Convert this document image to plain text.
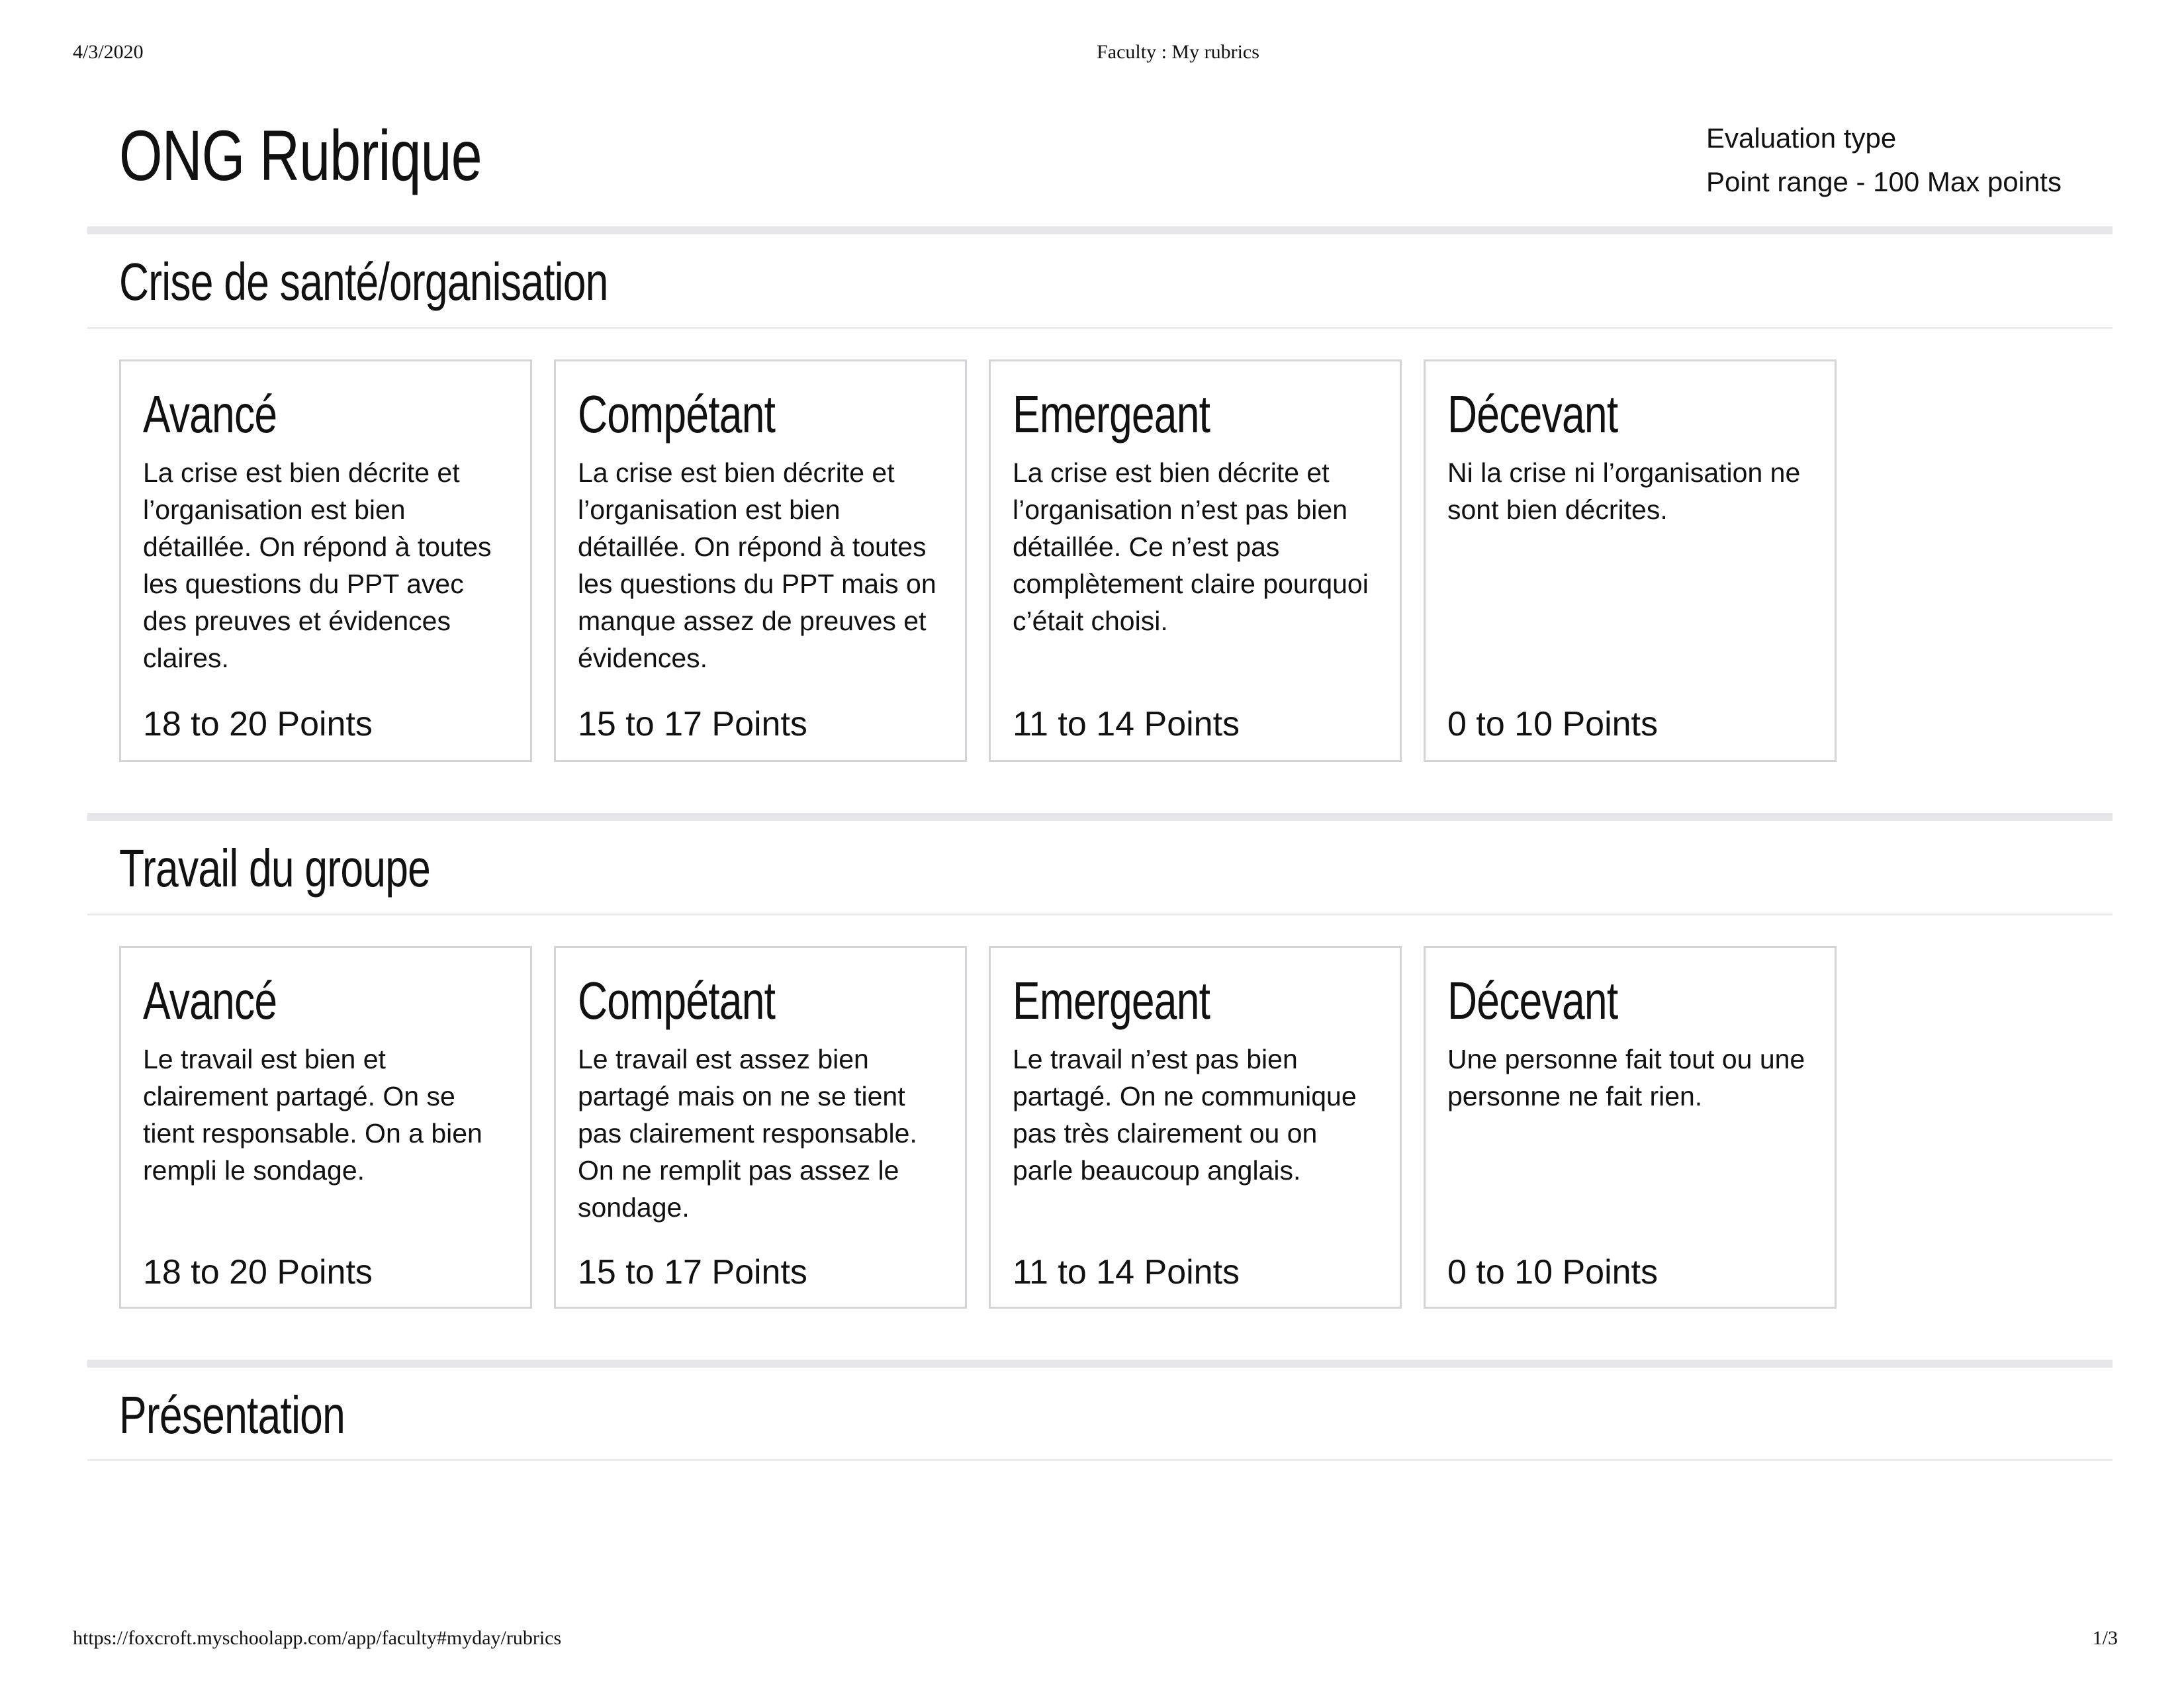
4/3/2020	Faculty : My rubrics
ONG Rubrique	Evaluation type
Point range - 100 Max points
Crise de santé/organisation
Avancé
La crise est bien décrite et l’organisation est bien détaillée. On répond à toutes les questions du PPT avec des preuves et évidences claires.
18 to 20 Points
Compétant
La crise est bien décrite et l’organisation est bien détaillée. On répond à toutes les questions du PPT mais on manque assez de preuves et évidences.
15 to 17 Points
Emergeant
La crise est bien décrite et l’organisation n’est pas bien détaillée. Ce n’est pas complètement claire pourquoi c’était choisi.
11 to 14 Points
Décevant
Ni la crise ni l’organisation ne sont bien décrites.
0 to 10 Points
Travail du groupe
Avancé
Le travail est bien et clairement partagé. On se tient responsable. On a bien rempli le sondage.
18 to 20 Points
Compétant
Le travail est assez bien partagé mais on ne se tient pas clairement responsable. On ne remplit pas assez le sondage.
15 to 17 Points
Emergeant
Le travail n’est pas bien partagé. On ne communique pas très clairement ou on parle beaucoup anglais.
11 to 14 Points
Décevant
Une personne fait tout ou une personne ne fait rien.
0 to 10 Points
Présentation
https://foxcroft.myschoolapp.com/app/faculty#myday/rubrics	1/3
